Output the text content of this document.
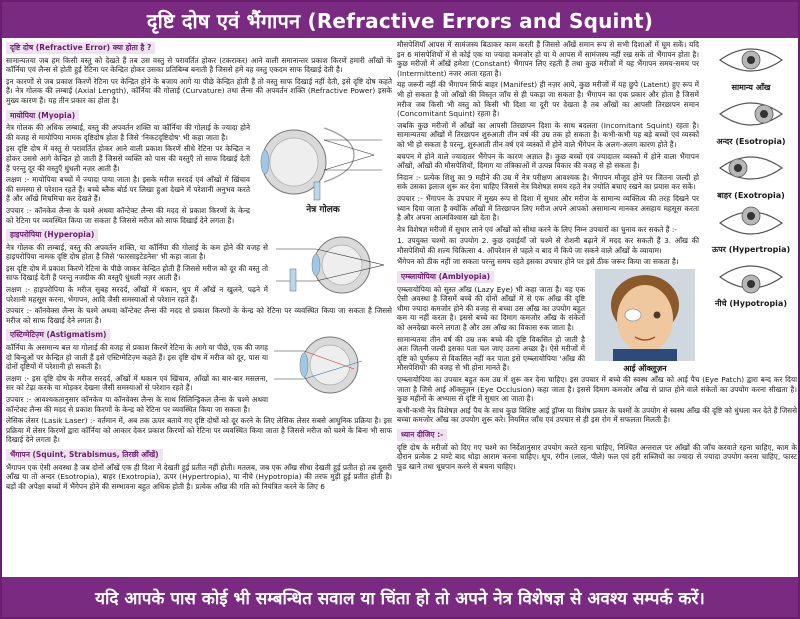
दृष्टि दोष एवं भैंगापन (Refractive Errors and Squint)
दृष्टि दोष (Refractive Error) क्या होता है ?

सामान्यतया जब हम किसी वस्तु को देखते हैं तब उस वस्तु से परावर्तित होकर (टकराकर) आने वाली समानान्तर प्रकाश किरणें हमारी आँखों के कॉर्निया एवं लैन्स से होती हुई रेटिना पर केन्द्रित होकर उसका प्रतिबिम्ब बनाती है जिससे हमें वह वस्तु एकदम साफ दिखाई देती है।

इन कारणों से जब प्रकाश किरणें रेटिना पर केन्द्रित होने के बजाय आगे या पीछे केन्द्रित होती हैं तो वस्तु साफ दिखाई नहीं देती, इसे दृष्टि दोष कहते हैं। नेत्र गोलक की लम्बाई (Axial Length), कॉर्निया की गोलाई (Curvature) तथा लैन्स की अपवर्तन शक्ति (Refractive Power) इसके मुख्य कारण हैं। यह तीन प्रकार का होता है।

नेत्र गोलक
मायोपिया (Myopia)

नेत्र गोलक की अधिक लम्बाई, वस्तु की अपवर्तन शक्ति या कॉर्निया की गोलाई के ज्यादा होने की वजह से मायोपिया नामक दृष्टिदोष होता है जिसे 'निकटदृष्टिदोष' भी कहा जाता है।

इस दृष्टि दोष में वस्तु से परावर्तित होकर आने वाली प्रकाश किरणें सीधे रेटिना पर केन्द्रित न होकर उससे आगे केन्द्रित हो जाती हैं जिससे व्यक्ति को पास की वस्तुएँ तो साफ दिखाई देती हैं परन्तु दूर की वस्तुएँ धुंधली नज़र आती हैं।

लक्षण :- मायोपिया बच्चों में ज्यादा पाया जाता है। इसके मरीज सरदर्द एवं आँखों में खिंचाव की समस्या से परेशान रहते हैं। बच्चे ब्लैक बोर्ड पर लिखा हुआ देखने में परेशानी अनुभव करते हैं और आँखें मिचमिचा कर देखते हैं।

उपचार :- कॉनकेव लैन्स के चश्मे अथवा कॉन्टेक्ट लैन्स की मदद से प्रकाश किरणों के केन्द्र को रेटिना पर व्यवस्थित किया जा सकता है जिससे मरीज को साफ दिखाई देने लगता है।

हाइपरोपिया (Hyperopia)

नेत्र गोलक की लम्बाई, वस्तु की अपवर्तन शक्ति, या कॉर्निया की गोलाई के कम होने की वजह से हाइपरोपिया नामक दृष्टि दोष होता है जिसे 'फारसाइटेडनेस' भी कहा जाता है।

इस दृष्टि दोष में प्रकाश किरणें रेटिना के पीछे जाकर केन्द्रित होती हैं जिससे मरीज को दूर की वस्तु तो साफ दिखाई देती हैं परन्तु नजदीक की वस्तुएँ धुंधली नज़र आती हैं।

लक्षण :- हाइपरोपिया के मरीज सुबह सरदर्द, आँखों में थकान, धूप में आँखें न खुलने, पढ़ने में परेशानी महसूस करना, भेंगापन, आदि जैसी समस्याओं से परेशान रहते हैं।

उपचार :- कॉनवेक्स लैन्स के चश्मे अथवा कॉन्टेक्ट लैन्स की मदद से प्रकाश किरणों के केन्द्र को रेटिना पर व्यवस्थित किया जा सकता है जिससे मरीज को साफ दिखाई देने लगता है।

एस्टिग्मेटिज़्म (Astigmatism)

कॉर्निया के असमान्य बल या गोलाई की वजह से प्रकाश किरणें रेटिना के आगे या पीछे, एक की जगह दो बिन्दुओं पर केन्द्रित हो जाती हैं इसे एस्टिग्मेटिज़्म कहते हैं। इस दृष्टि दोष में मरीज को दूर, पास या दोनों दृष्टियों में परेशानी हो सकती है।

लक्षण :- इस दृष्टि दोष के मरीज सरदर्द, आँखों में थकान एवं खिंचाव, आँखों का बार-बार मसलना, सर को टेढ़ा करके या मोड़कर देखना जैसी समस्याओं से परेशान रहते हैं।

उपचार :- आवश्यकतानुसार कॉनकेव या कॉनवेक्स लैन्स के साथ सिलिन्ड्रिकल लैन्स के चश्मे अथवा कॉन्टेक्ट लैन्स की मदद से प्रकाश किरणों के केन्द्र को रेटिना पर व्यवस्थित किया जा सकता है।

लेसिक लेसर (Lasik Laser) :- वर्तमान में, अब तक ऊपर बताये गए दृष्टि दोषों को दूर करने के लिए लेसिक लेसर सबसे आधुनिक प्रक्रिया है। इस प्रक्रिया में लेसर किरणों द्वारा कॉर्निया को आकार देकर प्रकाश किरणों को रेटिना पर व्यवस्थित किया जाता है जिससे मरीज को चश्मे के बिना भी साफ दिखाई देने लगता है।

भैंगापन (Squint, Strabismus, तिरछी आँखें)

भैंगापन एक ऐसी अवस्था है जब दोनों आँखें एक ही दिशा में देखती हुई प्रतीत नहीं होती। मतलब, जब एक आँख सीधा देखती हुई प्रतीत हो तब दूसरी आँख या तो अन्दर (Esotropia), बाहर (Exotropia), ऊपर (Hypertropia), या नीचे (Hypotropia) की तरफ मुड़ी हुई प्रतीत होती है। बड़ों की अपेक्षा बच्चों में भैंगेपन होने की सम्भावना बहुत अधिक होती है। प्रत्येक आँख की गति को नियंत्रित करने के लिए 6

सामान्य आँख
अन्दर (Esotropia)
बाहर (Exotropia)
ऊपर (Hypertropia)
नीचे (Hypotropia)

मौसपेशियाँ आपस में सामंजस्य बिठाकर काम करती हैं जिससे आँखें समान रूप से सभी दिशाओं में घूम सकें। यदि इन 6 मांसपेशियों में से कोई एक या ज्यादा कमजोर हो या ये आपस में सामंजस्य नहीं रख सके तो भैंगापन होता है। कुछ मरीजों में आँखें हमेशा (Constant) भैंगापन लिए रहती हैं तथा कुछ मरीजों में यह भैंगापन समय-समय पर (Intermittent) नजर आता रहता है।

यह जरूरी नहीं की भैंगापन सिर्फ बाहर (Manifest) ही नज़र आये, कुछ मरीजों में यह छुपे (Latent) हुए रूप में भी हो सकता है जो आँखों की विस्तृत जाँच से ही पकड़ा जा सकता है। भैंगापन का एक प्रकार और होता है जिसमें मरीज जब किसी भी वस्तु को किसी भी दिशा या दूरी पर देखता है तब आँखों का आपसी तिरछापन समान (Concomitant Squint) रहता है।

जबकि कुछ मरीजों में आँखों का आपसी तिरछापन दिशा के साथ बदलता (Incomitant Squint) रहता है। सामान्यतया आँखों में तिरछापन शुरुआती तीन वर्ष की उम्र तक हो सकता है। कभी-कभी यह बड़े बच्चों एवं व्यस्कों को भी हो सकता है परन्तु, शुरुआती तीन वर्ष एवं व्यस्कों में होने वाले भैंगेपन के अलग-अलग कारण होते हैं।

बचपन में होने वाले ज्यादातर भैंगेपन के कारण अज्ञात हैं। कुछ बच्चों एवं ज्यादातर व्यस्कों में होने वाला भैंगापन आँखों, आँखों की मौसपेशियों, दिमाग या तंत्रिकाओं में उत्पन्न विकार की वजह से हो सकता है।

निदान :- प्रत्येक शिशु का 9 महीने की उम्र में नेत्र परीक्षण आवश्यक है। भैंगापन मौजूद होने पर जितना जल्दी हो सके उसका इलाज शुरू कर देना चाहिए जिससे नेत्र विशेषज्ञ समय रहते नेत्र ज्योति बचाए रखने का प्रयास कर सकें।

उपचार :- भैंगापन के उपचार में मुख्य रूप से दिशा में सुधार और मरीज के सामान्य व्यक्तित्व की तरह दिखने पर ध्यान दिया जाता है क्योंकि आँखों में तिरछापन लिए मरीज अपने आपको असामान्य मानकर असहाय महसूस करता है और अपना आत्मविश्वास खो देता है।

नेत्र विशेषज्ञ मरीजों में सुधार लाने एवं आँखों को सीधा करने के लिए निम्न उपचारों का चुनाव कर सकते हैं :-

1. उपयुक्त चश्मों का उपयोग 2. कुछ दवाईयाँ जो चश्मे से रोशनी बढ़ाने में मदद कर सकती हैं 3. आँख की मौसपेशियों की शल्य चिकित्सा 4. ऑपरेशन से पहले व बाद में किये जा सकने वाले आँखों के व्यायाम।

भैंगेपन को ठीक नहीं जा सकता परन्तु समय रहते इसका उपचार होने पर इसे ठीक जरूर किया जा सकता है।

एम्ब्लायोपिया (Amblyopia)
आई ऑक्लूज़न

एम्ब्लायोपिया को सुस्त आँख (Lazy Eye) भी कहा जाता है। यह एक ऐसी अवस्था है जिसमें बच्चे की दोनों आँखों में से एक आँख की दृष्टि धीमा ज्यादा कमजोर होने की वजह से बच्चा उस आँख का उपयोग बहुत कम या नहीं करता है। इससे बच्चे का दिमाग कमजोर आँख के संकेतों को अनदेखा करने लगता है और उस आँख का विकास रुक जाता है।

सामान्यतया तीन वर्ष की उम्र तक बच्चे की दृष्टि विकसित हो जाती है अतः जितनी जल्दी इसका पता चल जाए उतना अच्छा है। ऐसे मरीजों में दृष्टि को पूर्णरूप से विकसित नहीं कर पाता इसे एम्ब्लायोपिया 'आँख की मौसपेशियों' की वजह से भी होना मानते हैं।

एम्ब्लायोपिया का उपचार बहुत कम उम्र में शुरू कर देना चाहिए। इस उपचार में बच्चे की स्वस्थ आँख को आई पैच (Eye Patch) द्वारा बन्द कर दिया जाता है जिसे आई ऑक्लूज़न (Eye Occlusion) कहा जाता है। इससे दिमाग कमजोर आँख से प्राप्त होने वाले संकेतों का उपयोग करना सीखता है। कुछ महीनों के अभ्यास से दृष्टि में सुधार आ जाता है।

कभी-कभी नेत्र विशेषज्ञ आई पैच के साथ कुछ विशिष्ट आई ड्रॉप्स या विशेष प्रकार के चश्मों के उपयोग से स्वस्थ आँख की दृष्टि को धुंधला कर देते हैं जिससे बच्चा कमजोर आँख का उपयोग शुरू करे। नियमित जाँच एवं उपचार से ही इस रोग में सफलता मिलती है।

ध्यान दीजिए :-

दृष्टि दोष के मरीजों को दिए गए चश्मे का निर्देशानुसार उपयोग करते रहना चाहिए, निश्चित अन्तराल पर आँखों की जाँच करवाते रहना चाहिए, काम के दौरान प्रत्येक 2 घण्टे बाद थोड़ा आराम करना चाहिए। धूप, रंगीन (लाल, पीले) फल एवं हरी सब्जियों का ज्यादा से ज्यादा उपयोग करना चाहिए, फास्ट फूड खाने तथा धूम्रपान करने से बचना चाहिए।

यदि आपके पास कोई भी सम्बन्धित सवाल या चिंता हो तो अपने नेत्र विशेषज्ञ से अवश्य सम्पर्क करें।
